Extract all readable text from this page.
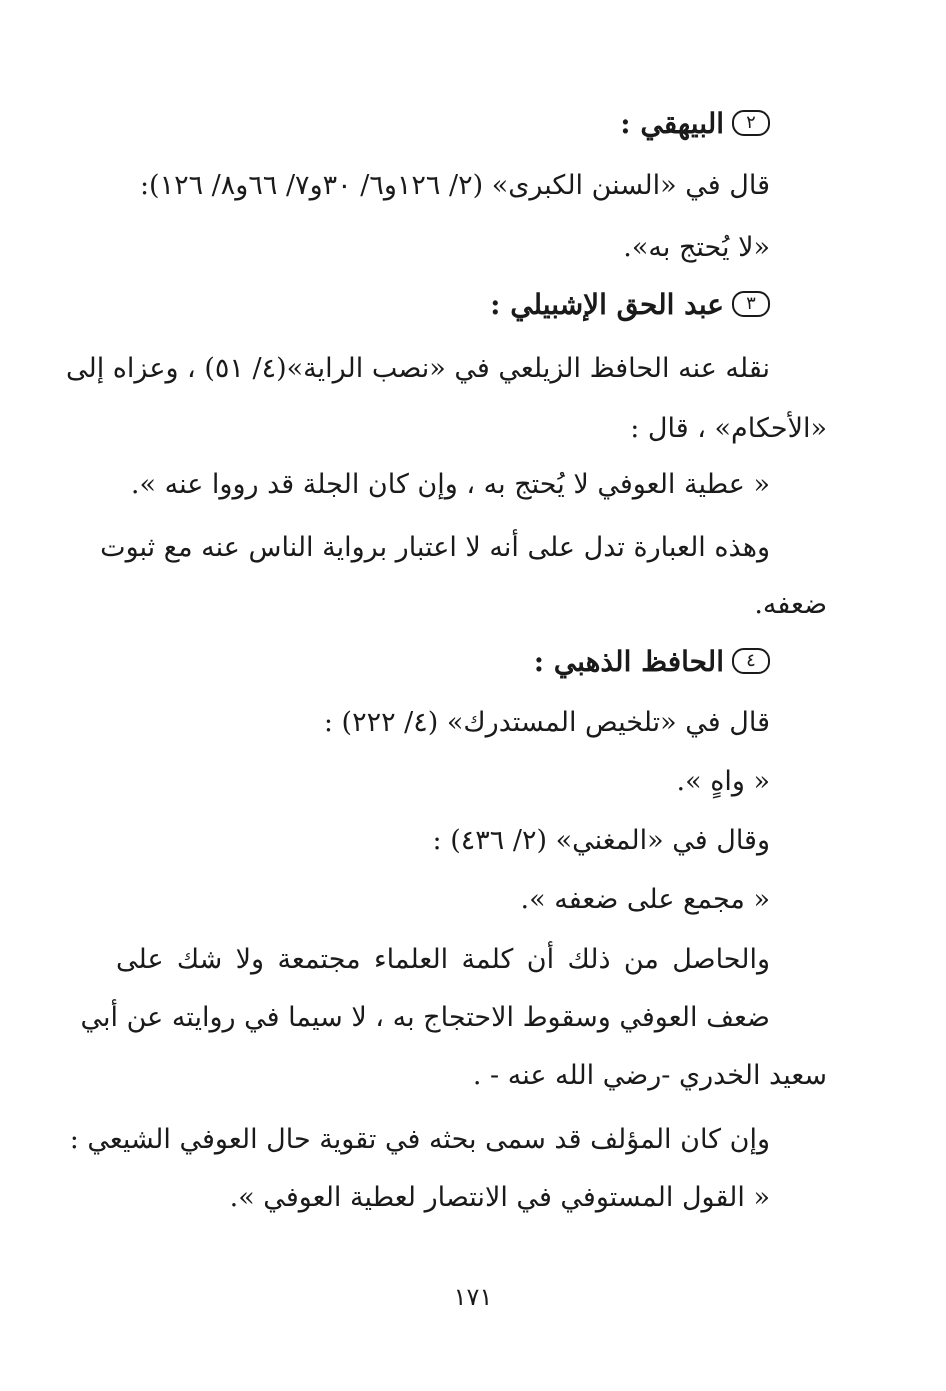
٢البيهقي :
قال في «السنن الكبرى» (٢/ ١٢٦و٦/ ٣٠و٧/ ٦٦و٨/ ١٢٦):
«لا يُحتج به».
٣عبد الحق الإشبيلي :
نقله عنه الحافظ الزيلعي في «نصب الراية»(٤/ ٥١) ، وعزاه إلى
«الأحكام» ، قال :
« عطية العوفي لا يُحتج به ، وإن كان الجلة قد رووا عنه ».
وهذه العبارة تدل على أنه لا اعتبار برواية الناس عنه مع ثبوت
ضعفه.
٤الحافظ الذهبي :
قال في «تلخيص المستدرك» (٤/ ٢٢٢) :
« واهٍ ».
وقال في «المغني» (٢/ ٤٣٦) :
« مجمع على ضعفه ».
والحاصل من ذلك أن كلمة العلماء مجتمعة ولا شك على
ضعف العوفي وسقوط الاحتجاج به ، لا سيما في روايته عن أبي
سعيد الخدري -رضي الله عنه - .
وإن كان المؤلف قد سمى بحثه في تقوية حال العوفي الشيعي :
« القول المستوفي في الانتصار لعطية العوفي ».
١٧١
